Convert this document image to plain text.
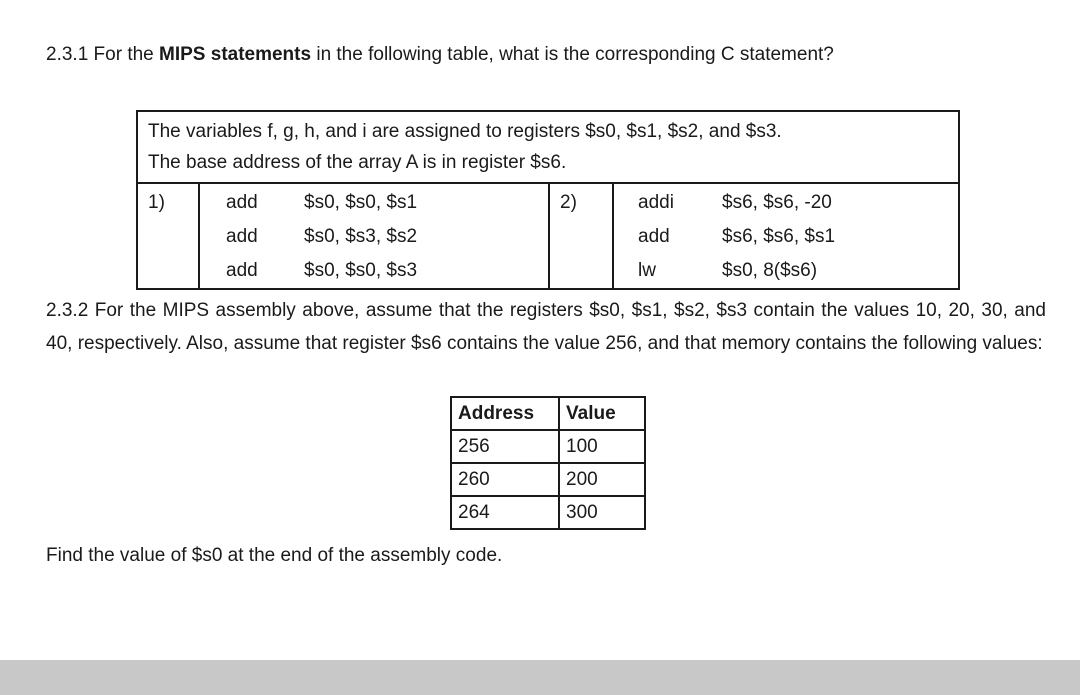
2.3.1 For the MIPS statements in the following table, what is the corresponding C statement?
The variables f, g, h, and i are assigned to registers $s0, $s1, $s2, and $s3.
The base address of the array A is in register $s6.
1)	add	$s0, $s0, $s1
add	$s0, $s3, $s2
add	$s0, $s0, $s3
2)	addi	$s6, $s6, -20
add	$s6, $s6, $s1
lw	$s0, 8($s6)
2.3.2 For the MIPS assembly above, assume that the registers $s0, $s1, $s2, $s3 contain the values 10, 20, 30, and 40, respectively. Also, assume that register $s6 contains the value 256, and that memory contains the following values:
Address	Value
256	100
260	200
264	300
Find the value of $s0 at the end of the assembly code.
